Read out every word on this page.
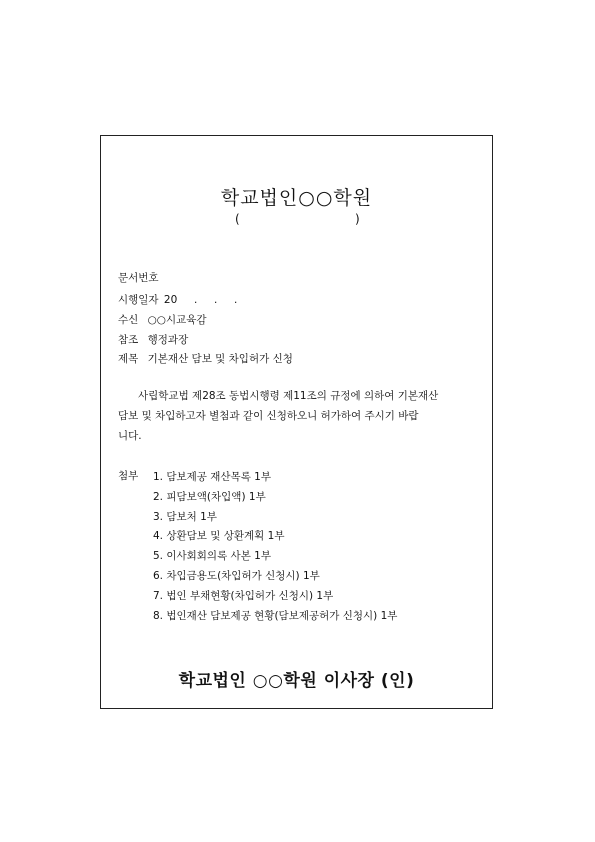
학교법인○○학원
(	)
문서번호
시행일자 20     .     .     .
수신 ○○시교육감
참조 행정과장
제목 기본재산 담보 및 차입허가 신청

사립학교법 제28조 동법시행령 제11조의 규정에 의하여 기본재산

담보 및 차입하고자 별첨과 같이 신청하오니 허가하여 주시기 바랍

니다.

첨부 1. 담보제공 재산목록 1부
2. 피담보액(차입액) 1부
3. 담보처 1부
4. 상환담보 및 상환계획 1부
5. 이사회회의록 사본 1부
6. 차입금용도(차입허가 신청시) 1부
7. 법인 부채현황(차입허가 신청시) 1부
8. 법인재산 담보제공 현황(담보제공허가 신청시) 1부
학교법인 ○○학원 이사장 (인)
